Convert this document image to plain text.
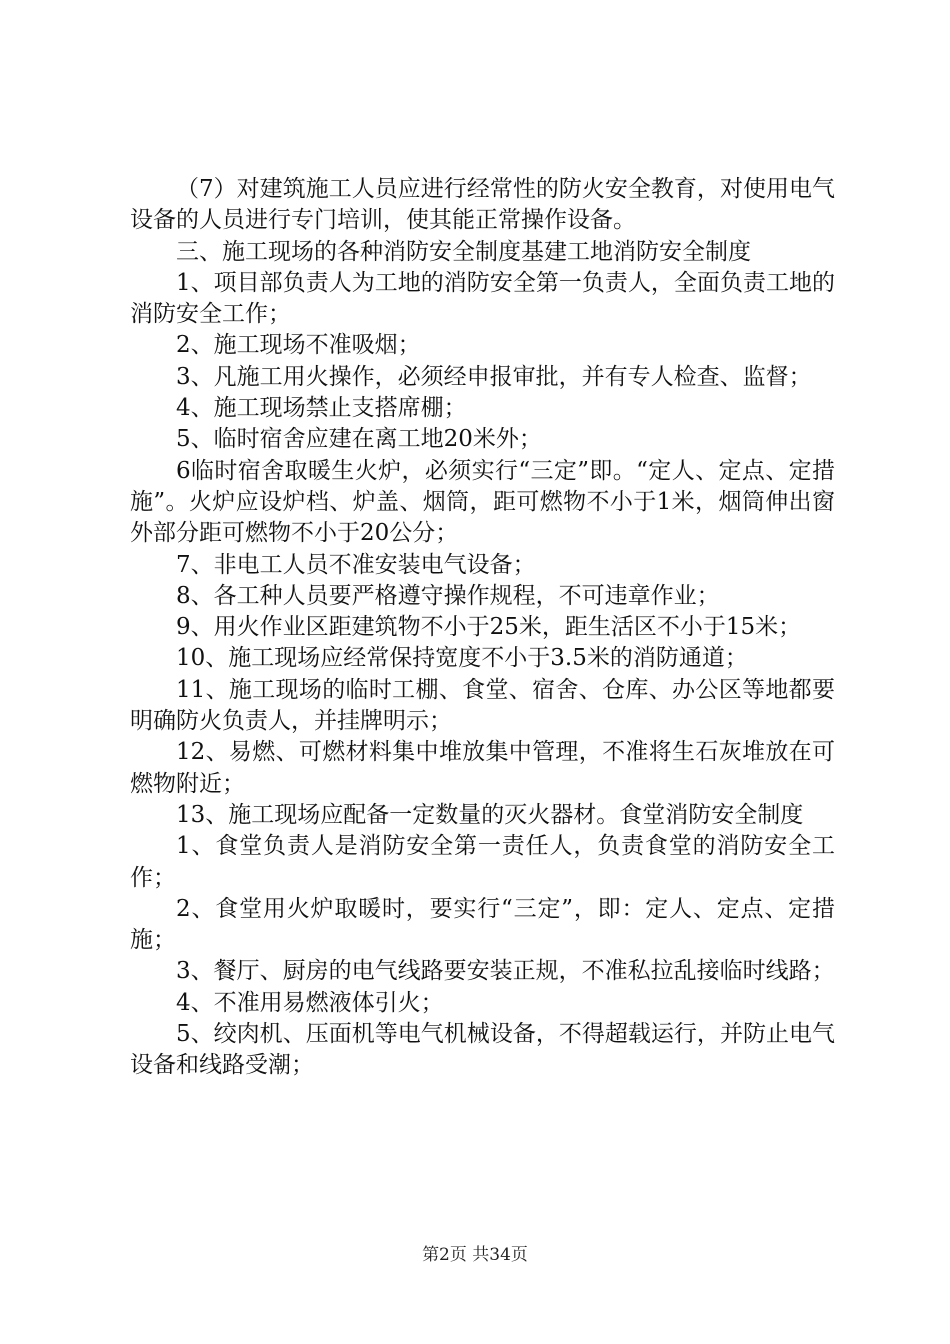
（7）对建筑施工人员应进行经常性的防火安全教育，对使用电气设备的人员进行专门培训，使其能正常操作设备。

三、施工现场的各种消防安全制度基建工地消防安全制度

1、项目部负责人为工地的消防安全第一负责人，全面负责工地的消防安全工作；

2、施工现场不准吸烟；

3、凡施工用火操作，必须经申报审批，并有专人检查、监督；

4、施工现场禁止支搭席棚；

5、临时宿舍应建在离工地20米外；

6临时宿舍取暖生火炉，必须实行“三定”即。“定人、定点、定措施”。火炉应设炉档、炉盖、烟筒，距可燃物不小于1米，烟筒伸出窗外部分距可燃物不小于20公分；

7、非电工人员不准安装电气设备；

8、各工种人员要严格遵守操作规程，不可违章作业；

9、用火作业区距建筑物不小于25米，距生活区不小于15米；

10、施工现场应经常保持宽度不小于3.5米的消防通道；

11、施工现场的临时工棚、食堂、宿舍、仓库、办公区等地都要明确防火负责人，并挂牌明示；

12、易燃、可燃材料集中堆放集中管理，不准将生石灰堆放在可燃物附近；

13、施工现场应配备一定数量的灭火器材。食堂消防安全制度

1、食堂负责人是消防安全第一责任人，负责食堂的消防安全工作；

2、食堂用火炉取暖时，要实行“三定”，即：定人、定点、定措施；

3、餐厅、厨房的电气线路要安装正规，不准私拉乱接临时线路；

4、不准用易燃液体引火；

5、绞肉机、压面机等电气机械设备，不得超载运行，并防止电气设备和线路受潮；

第2页 共34页
